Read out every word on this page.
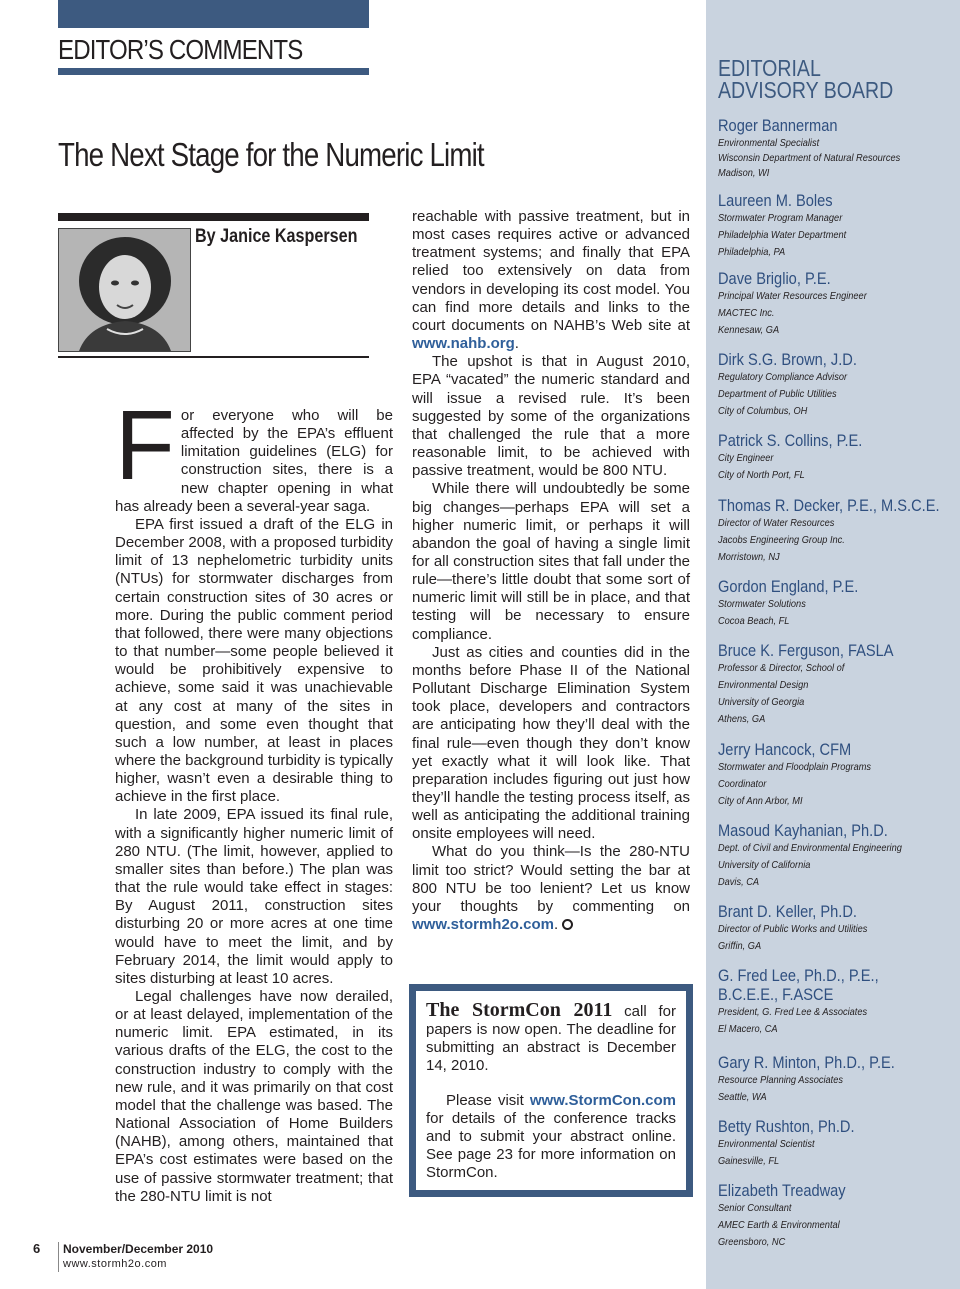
EDITOR’S COMMENTS
The Next Stage for the Numeric Limit
By Janice Kaspersen

For everyone who will be affected by the EPA’s effluent limitation guidelines (ELG) for construction sites, there is a new chapter opening in what has already been a several-year saga.

EPA first issued a draft of the ELG in December 2008, with a proposed turbidity limit of 13 nephelometric turbidity units (NTUs) for stormwater discharges from certain construction sites of 30 acres or more. During the public comment period that followed, there were many objections to that number—some people believed it would be prohibitively expensive to achieve, some said it was unachievable at any cost at many of the sites in question, and some even thought that such a low number, at least in places where the background turbidity is typically higher, wasn’t even a desirable thing to achieve in the first place.

In late 2009, EPA issued its final rule, with a significantly higher numeric limit of 280 NTU. (The limit, however, applied to smaller sites than before.) The plan was that the rule would take effect in stages: By August 2011, construction sites disturbing 20 or more acres at one time would have to meet the limit, and by February 2014, the limit would apply to sites disturbing at least 10 acres.

Legal challenges have now derailed, or at least delayed, implementation of the numeric limit. EPA estimated, in its various drafts of the ELG, the cost to the construction industry to comply with the new rule, and it was primarily on that cost model that the challenge was based. The National Association of Home Builders (NAHB), among others, maintained that EPA’s cost estimates were based on the use of passive stormwater treatment; that the 280-NTU limit is not

reachable with passive treatment, but in most cases requires active or advanced treatment systems; and finally that EPA relied too extensively on data from vendors in developing its cost model. You can find more details and links to the court documents on NAHB’s Web site at www.nahb.org.

The upshot is that in August 2010, EPA “vacated” the numeric standard and will issue a revised rule. It’s been suggested by some of the organizations that challenged the rule that a more reasonable limit, to be achieved with passive treatment, would be 800 NTU.

While there will undoubtedly be some big changes—perhaps EPA will set a higher numeric limit, or perhaps it will abandon the goal of having a single limit for all construction sites that fall under the rule—there’s little doubt that some sort of numeric limit will still be in place, and that testing will be necessary to ensure compliance.

Just as cities and counties did in the months before Phase II of the National Pollutant Discharge Elimination System took place, developers and contractors are anticipating how they’ll deal with the final rule—even though they don’t know yet exactly what it will look like. That preparation includes figuring out just how they’ll handle the testing process itself, as well as anticipating the additional training onsite employees will need.

What do you think—Is the 280-NTU limit too strict? Would setting the bar at 800 NTU be too lenient? Let us know your thoughts by commenting on www.stormh2o.com.

The StormCon 2011 call for papers is now open. The deadline for submitting an abstract is December 14, 2010.

Please visit www.StormCon.com for details of the conference tracks and to submit your abstract online. See page 23 for more information on StormCon.

6 November/December 2010
www.stormh2o.com
EDITORIAL
ADVISORY BOARD
Roger Bannerman
Environmental Specialist
Wisconsin Department of Natural Resources
Madison, WI
Laureen M. Boles
Stormwater Program Manager
Philadelphia Water Department
Philadelphia, PA
Dave Briglio, P.E.
Principal Water Resources Engineer
MACTEC Inc.
Kennesaw, GA
Dirk S.G. Brown, J.D.
Regulatory Compliance Advisor
Department of Public Utilities
City of Columbus, OH
Patrick S. Collins, P.E.
City Engineer
City of North Port, FL
Thomas R. Decker, P.E., M.S.C.E.
Director of Water Resources
Jacobs Engineering Group Inc.
Morristown, NJ
Gordon England, P.E.
Stormwater Solutions
Cocoa Beach, FL
Bruce K. Ferguson, FASLA
Professor & Director, School of
Environmental Design
University of Georgia
Athens, GA
Jerry Hancock, CFM
Stormwater and Floodplain Programs
Coordinator
City of Ann Arbor, MI
Masoud Kayhanian, Ph.D.
Dept. of Civil and Environmental Engineering
University of California
Davis, CA
Brant D. Keller, Ph.D.
Director of Public Works and Utilities
Griffin, GA
G. Fred Lee, Ph.D., P.E.,
B.C.E.E., F.ASCE
President, G. Fred Lee & Associates
El Macero, CA
Gary R. Minton, Ph.D., P.E.
Resource Planning Associates
Seattle, WA
Betty Rushton, Ph.D.
Environmental Scientist
Gainesville, FL
Elizabeth Treadway
Senior Consultant
AMEC Earth & Environmental
Greensboro, NC
